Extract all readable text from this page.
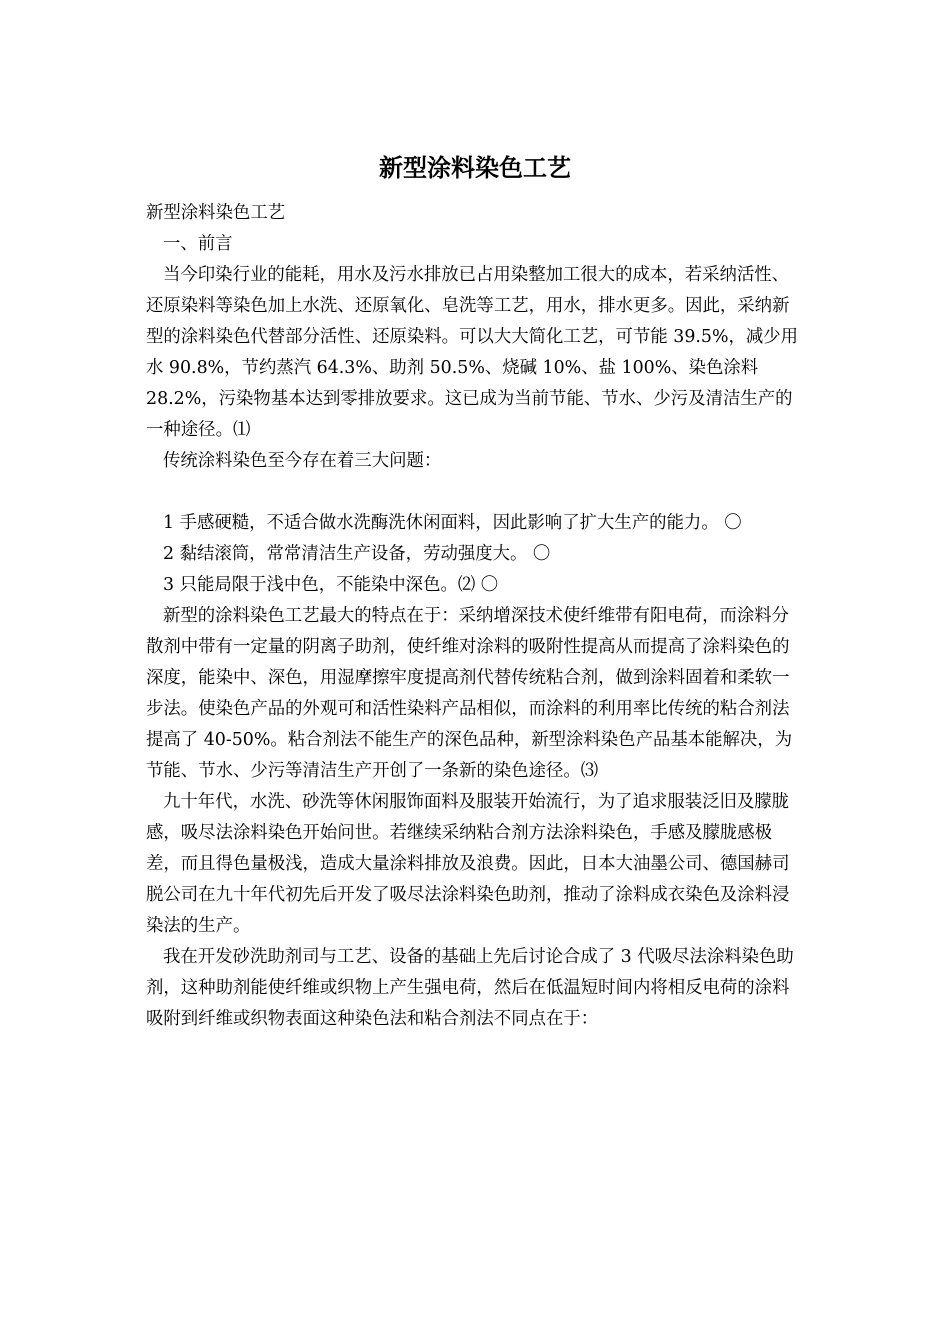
新型涂料染色工艺

新型涂料染色工艺

一、前言

当今印染行业的能耗，用水及污水排放已占用染整加工很大的成本，若采纳活性、还原染料等染色加上水洗、还原氧化、皂洗等工艺，用水，排水更多。因此，采纳新型的涂料染色代替部分活性、还原染料。可以大大简化工艺，可节能 39.5%，减少用水 90.8%，节约蒸汽 64.3%、助剂 50.5%、烧碱 10%、盐 100%、染色涂料 28.2%，污染物基本达到零排放要求。这已成为当前节能、节水、少污及清洁生产的一种途径。⑴

传统涂料染色至今存在着三大问题：

1 手感硬糙，不适合做水洗酶洗休闲面料，因此影响了扩大生产的能力。 〇

2 黏结滚筒，常常清洁生产设备，劳动强度大。 〇

3 只能局限于浅中色，不能染中深色。⑵ 〇

新型的涂料染色工艺最大的特点在于：采纳增深技术使纤维带有阳电荷，而涂料分散剂中带有一定量的阴离子助剂，使纤维对涂料的吸附性提高从而提高了涂料染色的深度，能染中、深色，用湿摩擦牢度提高剂代替传统粘合剂，做到涂料固着和柔软一步法。使染色产品的外观可和活性染料产品相似，而涂料的利用率比传统的粘合剂法提高了 40-50%。粘合剂法不能生产的深色品种，新型涂料染色产品基本能解决，为节能、节水、少污等清洁生产开创了一条新的染色途径。⑶

九十年代，水洗、砂洗等休闲服饰面料及服装开始流行，为了追求服装泛旧及朦胧感，吸尽法涂料染色开始问世。若继续采纳粘合剂方法涂料染色，手感及朦胧感极差，而且得色量极浅，造成大量涂料排放及浪费。因此，日本大油墨公司、德国赫司脱公司在九十年代初先后开发了吸尽法涂料染色助剂，推动了涂料成衣染色及涂料浸染法的生产。

我在开发砂洗助剂司与工艺、设备的基础上先后讨论合成了 3 代吸尽法涂料染色助剂，这种助剂能使纤维或织物上产生强电荷，然后在低温短时间内将相反电荷的涂料吸附到纤维或织物表面这种染色法和粘合剂法不同点在于：
